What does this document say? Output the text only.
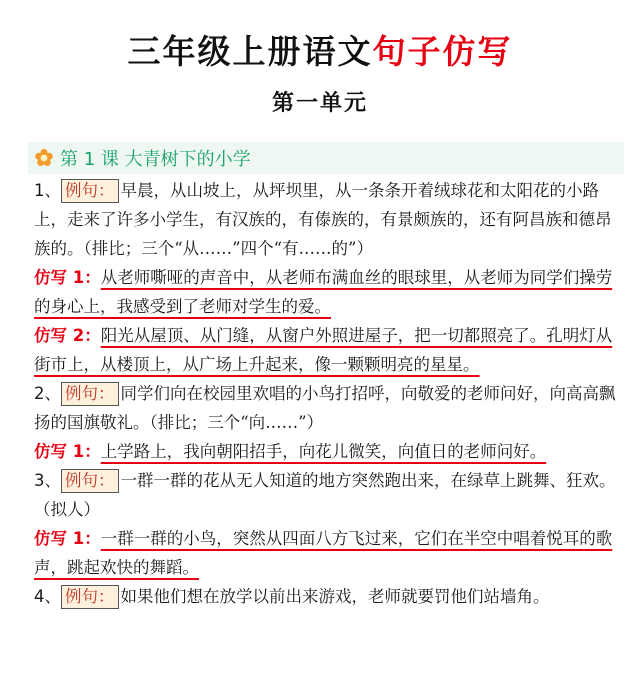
三年级上册语文句子仿写
第一单元
第 1 课 大青树下的小学

1、 例句： 早晨，从山坡上，从坪坝里，从一条条开着绒球花和太阳花的小路上，走来了许多小学生，有汉族的，有傣族的，有景颇族的，还有阿昌族和德昂族的。（排比；三个“从……”四个“有……的”）

仿写 1：从老师嘶哑的声音中，从老师布满血丝的眼球里，从老师为同学们操劳的身心上，我感受到了老师对学生的爱。

仿写 2：阳光从屋顶、从门缝，从窗户外照进屋子，把一切都照亮了。孔明灯从街市上，从楼顶上，从广场上升起来，像一颗颗明亮的星星。

2、 例句： 同学们向在校园里欢唱的小鸟打招呼，向敬爱的老师问好，向高高飘扬的国旗敬礼。（排比；三个“向……”）

仿写 1：上学路上，我向朝阳招手，向花儿微笑，向值日的老师问好。

3、 例句： 一群一群的花从无人知道的地方突然跑出来，在绿草上跳舞、狂欢。（拟人）

仿写 1：一群一群的小鸟，突然从四面八方飞过来，它们在半空中唱着悦耳的歌声，跳起欢快的舞蹈。

4、 例句： 如果他们想在放学以前出来游戏，老师就要罚他们站墙角。
